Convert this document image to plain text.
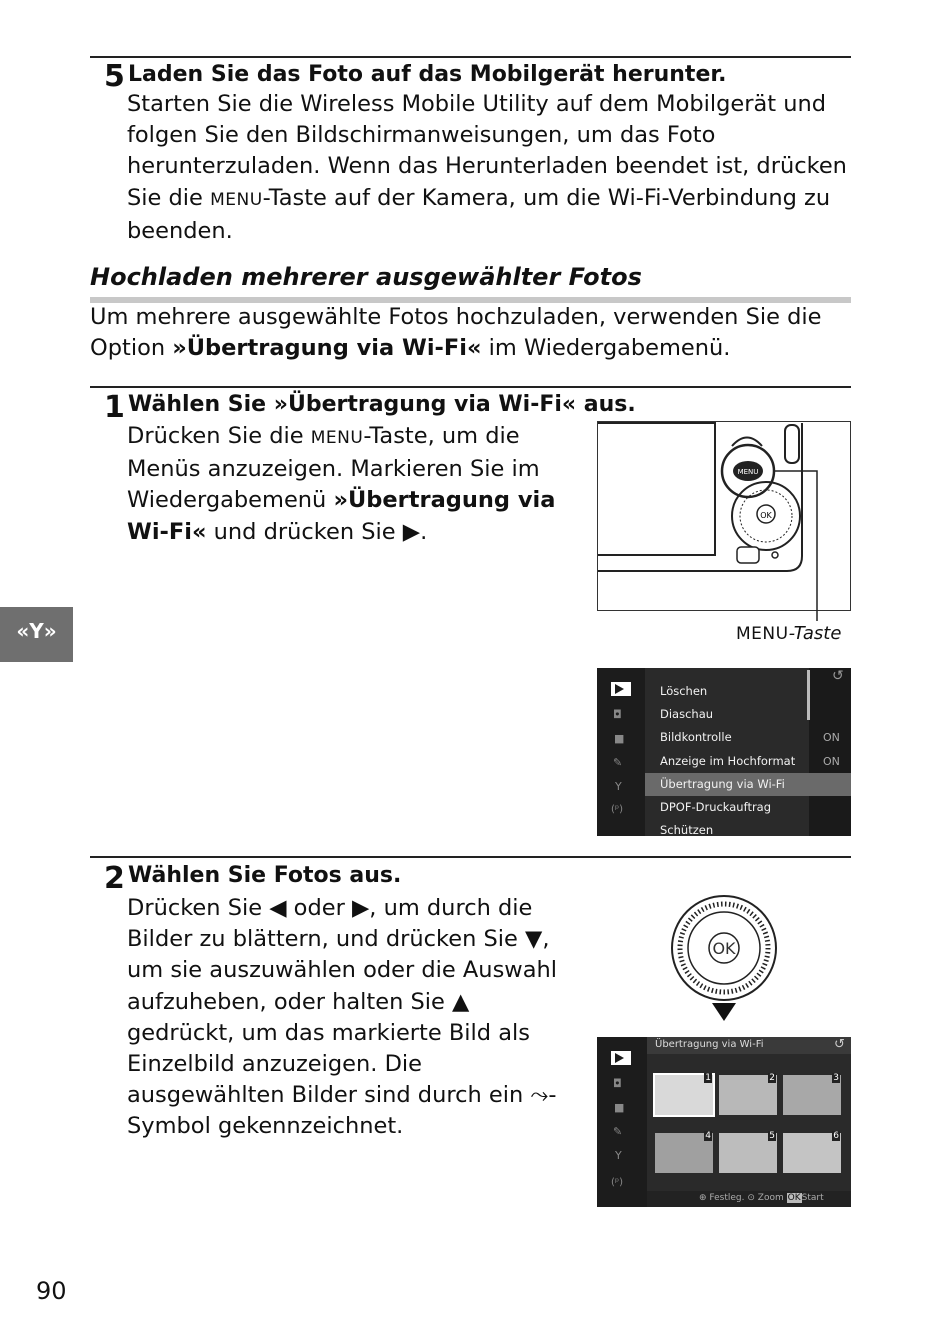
5 Laden Sie das Foto auf das Mobilgerät herunter.
Starten Sie die Wireless Mobile Utility auf dem Mobilgerät und
folgen Sie den Bildschirmanweisungen, um das Foto
herunterzuladen. Wenn das Herunterladen beendet ist, drücken
Sie die MENU-Taste auf der Kamera, um die Wi-Fi-Verbindung zu
beenden.
Hochladen mehrerer ausgewählter Fotos
Um mehrere ausgewählte Fotos hochzuladen, verwenden Sie die
Option »Übertragung via Wi-Fi« im Wiedergabemenü.
1 Wählen Sie »Übertragung via Wi-Fi« aus.
Drücken Sie die MENU-Taste, um die
Menüs anzuzeigen. Markieren Sie im
Wiedergabemenü »Übertragung via
Wi-Fi« und drücken Sie ▶.
OK
MENU
MENU-Taste
◘
■
✎
Y
(ᵖ)
↺
Löschen
Diaschau
Bildkontrolle	ON
Anzeige im Hochformat	ON
Übertragung via Wi-Fi
DPOF-Druckauftrag
Schützen
2 Wählen Sie Fotos aus.
Drücken Sie ◀ oder ▶, um durch die
Bilder zu blättern, und drücken Sie ▼,
um sie auszuwählen oder die Auswahl
aufzuheben, oder halten Sie ▲
gedrückt, um das markierte Bild als
Einzelbild anzuzeigen. Die
ausgewählten Bilder sind durch ein ⤳-
Symbol gekennzeichnet.
OK
◘
■
✎
Y
(ᵖ)
Übertragung via Wi-Fi	↺
1	2	3
4	5	6
⊕ Festleg. ⊙ Zoom OKStart
«Y»
90
